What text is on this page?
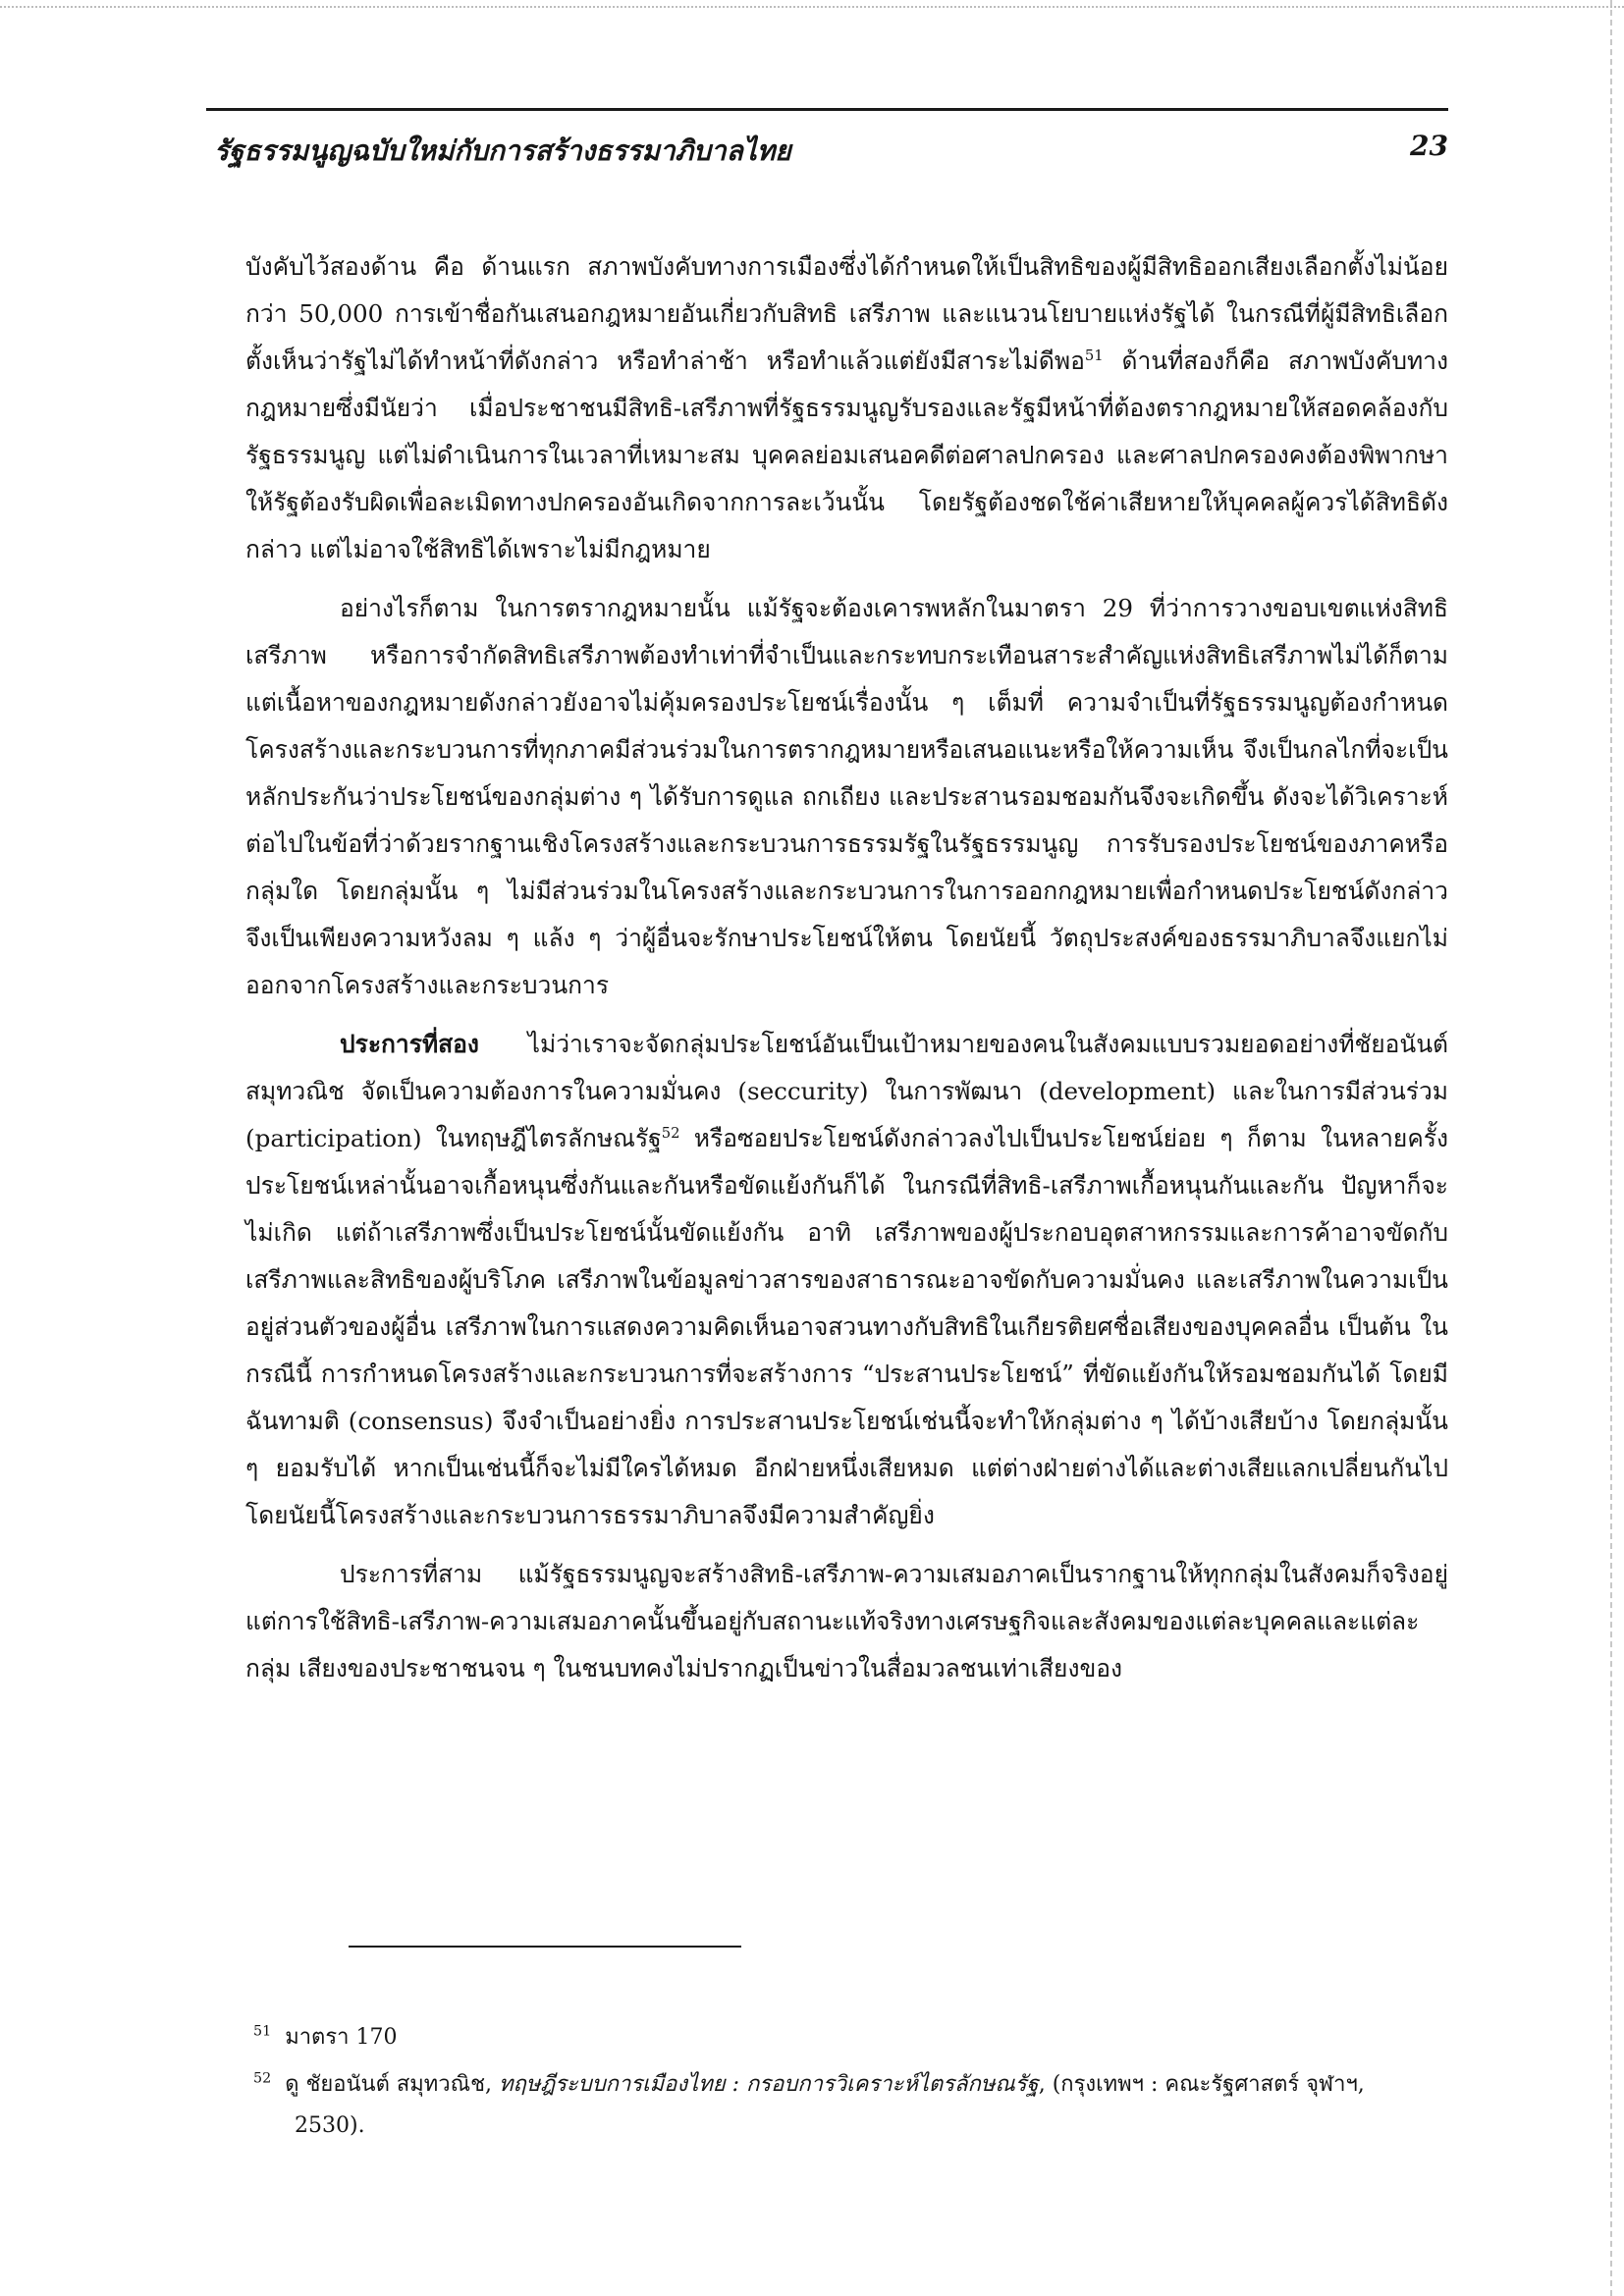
รัฐธรรมนูญฉบับใหม่กับการสร้างธรรมาภิบาลไทย	23

บังคับไว้สองด้าน คือ ด้านแรก สภาพบังคับทางการเมืองซึ่งได้กำหนดให้เป็นสิทธิของผู้มีสิทธิออกเสียงเลือกตั้งไม่น้อยกว่า 50,000 การเข้าชื่อกันเสนอกฎหมายอันเกี่ยวกับสิทธิ เสรีภาพ และแนวนโยบายแห่งรัฐได้ ในกรณีที่ผู้มีสิทธิเลือกตั้งเห็นว่ารัฐไม่ได้ทำหน้าที่ดังกล่าว หรือทำล่าช้า หรือทำแล้วแต่ยังมีสาระไม่ดีพอ$^{51}$ ด้านที่สองก็คือ สภาพบังคับทางกฎหมายซึ่งมีนัยว่า เมื่อประชาชนมีสิทธิ-เสรีภาพที่รัฐธรรมนูญรับรองและรัฐมีหน้าที่ต้องตรากฎหมายให้สอดคล้องกับรัฐธรรมนูญ แต่ไม่ดำเนินการในเวลาที่เหมาะสม บุคคลย่อมเสนอคดีต่อศาลปกครอง และศาลปกครองคงต้องพิพากษาให้รัฐต้องรับผิดเพื่อละเมิดทางปกครองอันเกิดจากการละเว้นนั้น โดยรัฐต้องชดใช้ค่าเสียหายให้บุคคลผู้ควรได้สิทธิดังกล่าว แต่ไม่อาจใช้สิทธิได้เพราะไม่มีกฎหมาย

อย่างไรก็ตาม ในการตรากฎหมายนั้น แม้รัฐจะต้องเคารพหลักในมาตรา 29 ที่ว่าการวางขอบเขตแห่งสิทธิเสรีภาพ หรือการจำกัดสิทธิเสรีภาพต้องทำเท่าที่จำเป็นและกระทบกระเทือนสาระสำคัญแห่งสิทธิเสรีภาพไม่ได้ก็ตาม แต่เนื้อหาของกฎหมายดังกล่าวยังอาจไม่คุ้มครองประโยชน์เรื่องนั้น ๆ เต็มที่ ความจำเป็นที่รัฐธรรมนูญต้องกำหนดโครงสร้างและกระบวนการที่ทุกภาคมีส่วนร่วมในการตรากฎหมายหรือเสนอแนะหรือให้ความเห็น จึงเป็นกลไกที่จะเป็นหลักประกันว่าประโยชน์ของกลุ่มต่าง ๆ ได้รับการดูแล ถกเถียง และประสานรอมชอมกันจึงจะเกิดขึ้น ดังจะได้วิเคราะห์ต่อไปในข้อที่ว่าด้วยรากฐานเชิงโครงสร้างและกระบวนการธรรมรัฐในรัฐธรรมนูญ การรับรองประโยชน์ของภาคหรือกลุ่มใด โดยกลุ่มนั้น ๆ ไม่มีส่วนร่วมในโครงสร้างและกระบวนการในการออกกฎหมายเพื่อกำหนดประโยชน์ดังกล่าว จึงเป็นเพียงความหวังลม ๆ แล้ง ๆ ว่าผู้อื่นจะรักษาประโยชน์ให้ตน โดยนัยนี้ วัตถุประสงค์ของธรรมาภิบาลจึงแยกไม่ออกจากโครงสร้างและกระบวนการ

ประการที่สอง ไม่ว่าเราจะจัดกลุ่มประโยชน์อันเป็นเป้าหมายของคนในสังคมแบบรวมยอดอย่างที่ชัยอนันต์ สมุทวณิช จัดเป็นความต้องการในความมั่นคง (seccurity) ในการพัฒนา (development) และในการมีส่วนร่วม (participation) ในทฤษฎีไตรลักษณรัฐ$^{52}$ หรือซอยประโยชน์ดังกล่าวลงไปเป็นประโยชน์ย่อย ๆ ก็ตาม ในหลายครั้งประโยชน์เหล่านั้นอาจเกื้อหนุนซึ่งกันและกันหรือขัดแย้งกันก็ได้ ในกรณีที่สิทธิ-เสรีภาพเกื้อหนุนกันและกัน ปัญหาก็จะไม่เกิด แต่ถ้าเสรีภาพซึ่งเป็นประโยชน์นั้นขัดแย้งกัน อาทิ เสรีภาพของผู้ประกอบอุตสาหกรรมและการค้าอาจขัดกับเสรีภาพและสิทธิของผู้บริโภค เสรีภาพในข้อมูลข่าวสารของสาธารณะอาจขัดกับความมั่นคง และเสรีภาพในความเป็นอยู่ส่วนตัวของผู้อื่น เสรีภาพในการแสดงความคิดเห็นอาจสวนทางกับสิทธิในเกียรติยศชื่อเสียงของบุคคลอื่น เป็นต้น ในกรณีนี้ การกำหนดโครงสร้างและกระบวนการที่จะสร้างการ “ประสานประโยชน์” ที่ขัดแย้งกันให้รอมชอมกันได้ โดยมีฉันทามติ (consensus) จึงจำเป็นอย่างยิ่ง การประสานประโยชน์เช่นนี้จะทำให้กลุ่มต่าง ๆ ได้บ้างเสียบ้าง โดยกลุ่มนั้น ๆ ยอมรับได้ หากเป็นเช่นนี้ก็จะไม่มีใครได้หมด อีกฝ่ายหนึ่งเสียหมด แต่ต่างฝ่ายต่างได้และต่างเสียแลกเปลี่ยนกันไป โดยนัยนี้โครงสร้างและกระบวนการธรรมาภิบาลจึงมีความสำคัญยิ่ง

ประการที่สาม แม้รัฐธรรมนูญจะสร้างสิทธิ-เสรีภาพ-ความเสมอภาคเป็นรากฐานให้ทุกกลุ่มในสังคมก็จริงอยู่ แต่การใช้สิทธิ-เสรีภาพ-ความเสมอภาคนั้นขึ้นอยู่กับสถานะแท้จริงทางเศรษฐกิจและสังคมของแต่ละบุคคลและแต่ละกลุ่ม เสียงของประชาชนจน ๆ ในชนบทคงไม่ปรากฏเป็นข่าวในสื่อมวลชนเท่าเสียงของ

$^{51}$ มาตรา 170

$^{52}$ ดู ชัยอนันต์ สมุทวณิช, ทฤษฎีระบบการเมืองไทย : กรอบการวิเคราะห์ไตรลักษณรัฐ, (กรุงเทพฯ : คณะรัฐศาสตร์ จุฬาฯ, 2530).
